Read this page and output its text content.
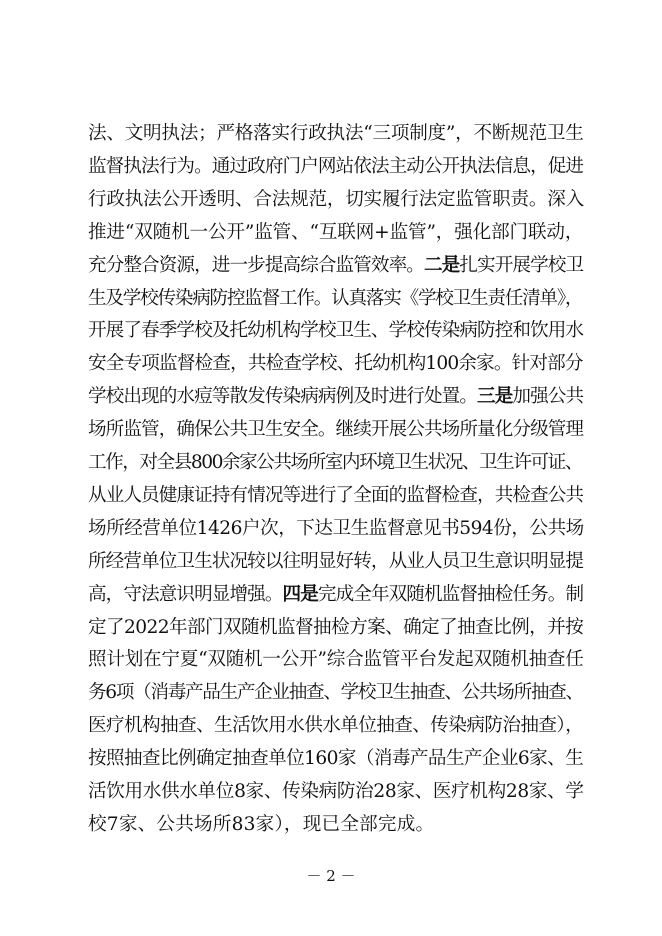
法、文明执法；严格落实行政执法“三项制度”，不断规范卫生
监督执法行为。通过政府门户网站依法主动公开执法信息，促进
行政执法公开透明、合法规范，切实履行法定监管职责。深入
推进“双随机一公开”监管、“互联网+监管”，强化部门联动，
充分整合资源，进一步提高综合监管效率。二是扎实开展学校卫
生及学校传染病防控监督工作。认真落实《学校卫生责任清单》，
开展了春季学校及托幼机构学校卫生、学校传染病防控和饮用水
安全专项监督检查，共检查学校、托幼机构100余家。针对部分
学校出现的水痘等散发传染病病例及时进行处置。三是加强公共
场所监管，确保公共卫生安全。继续开展公共场所量化分级管理
工作，对全县800余家公共场所室内环境卫生状况、卫生许可证、
从业人员健康证持有情况等进行了全面的监督检查，共检查公共
场所经营单位1426户次，下达卫生监督意见书594份，公共场
所经营单位卫生状况较以往明显好转，从业人员卫生意识明显提
高，守法意识明显增强。四是完成全年双随机监督抽检任务。制
定了2022年部门双随机监督抽检方案、确定了抽查比例，并按
照计划在宁夏“双随机一公开”综合监管平台发起双随机抽查任
务6项（消毒产品生产企业抽查、学校卫生抽查、公共场所抽查、
医疗机构抽查、生活饮用水供水单位抽查、传染病防治抽查），
按照抽查比例确定抽查单位160家（消毒产品生产企业6家、生
活饮用水供水单位8家、传染病防治28家、医疗机构28家、学
校7家、公共场所83家），现已全部完成。
－ 2 －
